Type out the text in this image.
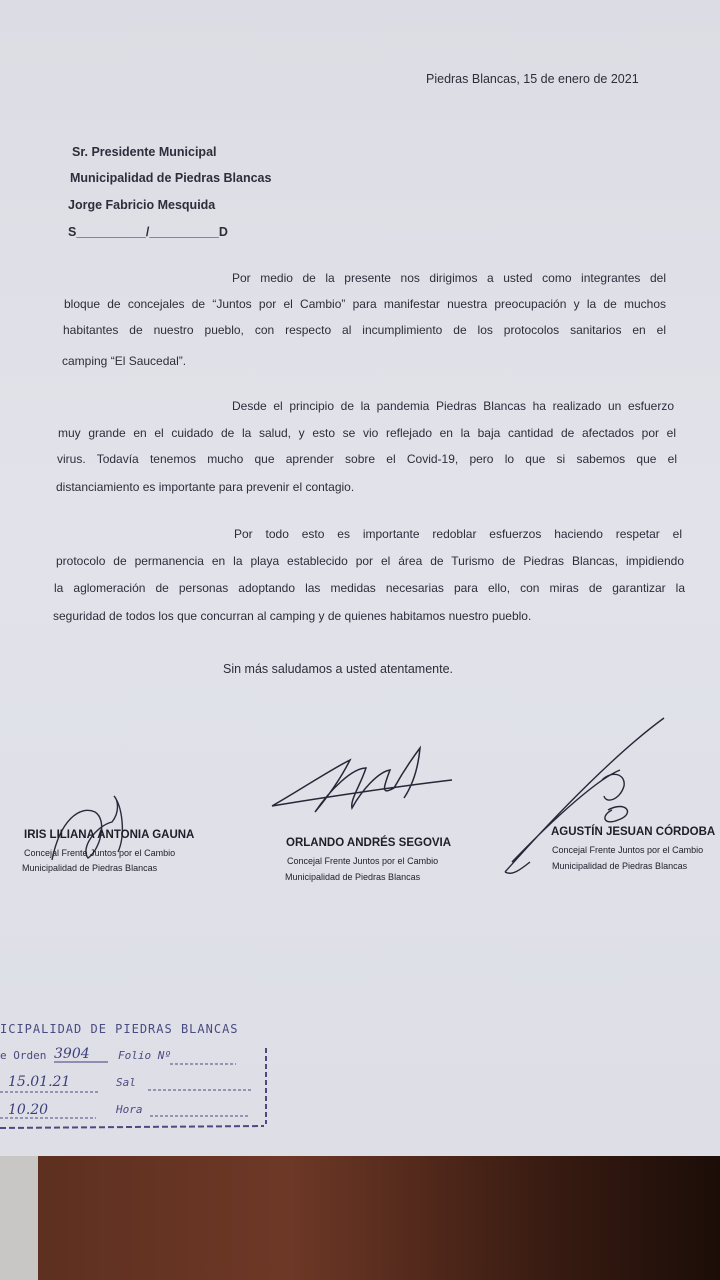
Piedras Blancas, 15 de enero de 2021
Sr. Presidente Municipal
Municipalidad de Piedras Blancas
Jorge Fabricio Mesquida
S__________/__________D
Por medio de la presente nos dirigimos a usted como integrantes del
bloque de concejales de “Juntos por el Cambio” para manifestar nuestra preocupación y la de muchos
habitantes de nuestro pueblo, con respecto al incumplimiento de los protocolos sanitarios en el
camping “El Saucedal”.
Desde el principio de la pandemia Piedras Blancas ha realizado un esfuerzo
muy grande en el cuidado de la salud, y esto se vio reflejado en la baja cantidad de afectados por el
virus. Todavía tenemos mucho que aprender sobre el Covid-19, pero lo que si sabemos que el
distanciamiento es importante para prevenir el contagio.
Por todo esto es importante redoblar esfuerzos haciendo respetar el
protocolo de permanencia en la playa establecido por el área de Turismo de Piedras Blancas, impidiendo
la aglomeración de personas adoptando las medidas necesarias para ello, con miras de garantizar la
seguridad de todos los que concurran al camping y de quienes habitamos nuestro pueblo.
Sin más saludamos a usted atentamente.
IRIS LILIANA ANTONIA GAUNA
Concejal Frente Juntos por el Cambio
Municipalidad de Piedras Blancas
ORLANDO ANDRÉS SEGOVIA
Concejal Frente Juntos por el Cambio
Municipalidad de Piedras Blancas
AGUSTÍN JESUAN CÓRDOBA
Concejal Frente Juntos por el Cambio
Municipalidad de Piedras Blancas
ICIPALIDAD DE PIEDRAS BLANCAS
e Orden 3904	Folio Nº
15.01.21	Sal
10.20	Hora
